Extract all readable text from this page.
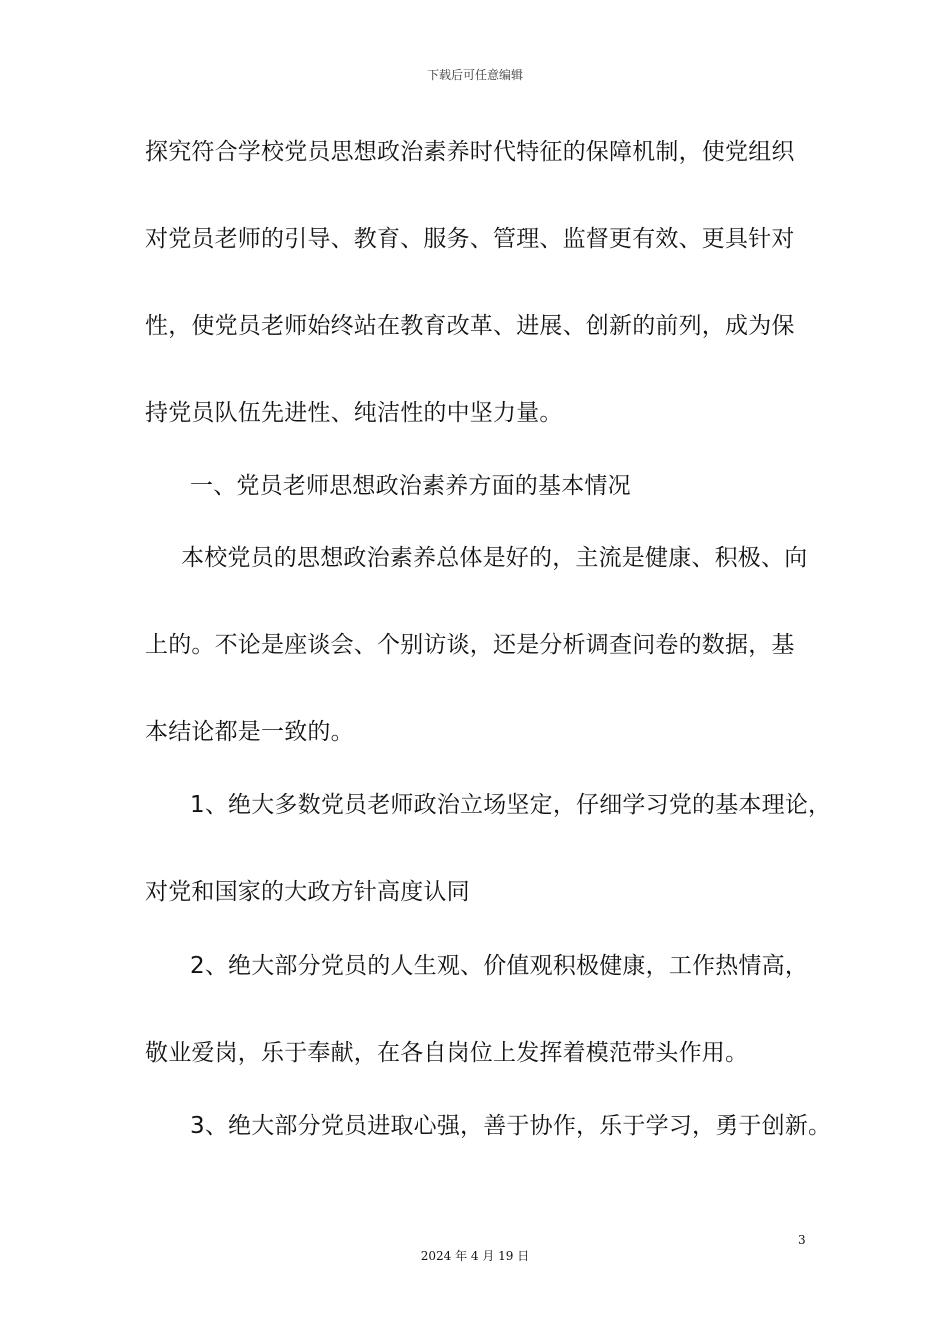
下载后可任意编辑
探究符合学校党员思想政治素养时代特征的保障机制，使党组织
对党员老师的引导、教育、服务、管理、监督更有效、更具针对
性，使党员老师始终站在教育改革、进展、创新的前列，成为保
持党员队伍先进性、纯洁性的中坚力量。
一、党员老师思想政治素养方面的基本情况
本校党员的思想政治素养总体是好的，主流是健康、积极、向
上的。不论是座谈会、个别访谈，还是分析调查问卷的数据，基
本结论都是一致的。
1、绝大多数党员老师政治立场坚定，仔细学习党的基本理论，
对党和国家的大政方针高度认同
2、绝大部分党员的人生观、价值观积极健康，工作热情高，
敬业爱岗，乐于奉献，在各自岗位上发挥着模范带头作用。
3、绝大部分党员进取心强，善于协作，乐于学习，勇于创新。
3
2024 年 4 月 19 日
